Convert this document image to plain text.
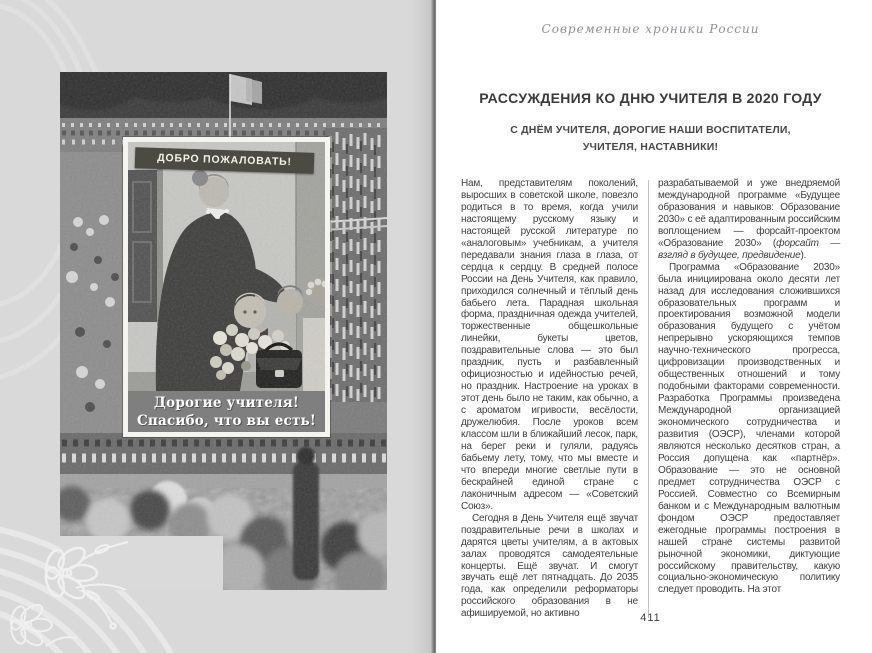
ДОБРО ПОЖАЛОВАТЬ!
Дорогие учителя!
Спасибо, что вы есть!
Современные хроники России
РАССУЖДЕНИЯ КО ДНЮ УЧИТЕЛЯ В 2020 ГОДУ
С ДНЁМ УЧИТЕЛЯ, ДОРОГИЕ НАШИ ВОСПИТАТЕЛИ,
УЧИТЕЛЯ, НАСТАВНИКИ!

Нам, представителям поколений, выросших в советской школе, повезло родиться в то время, когда учили настоящему русскому языку и настоящей русской литературе по «аналоговым» учебникам, а учителя передавали знания глаза в глаза, от сердца к сердцу. В средней полосе России на День Учителя, как правило, приходился солнечный и тёплый день бабьего лета. Парадная школьная форма, праздничная одежда учителей, торжественные общешкольные линейки, букеты цветов, поздравительные слова — это был праздник, пусть и разбавленный официозностью и идейностью речей, но праздник. Настроение на уроках в этот день было не таким, как обычно, а с ароматом игривости, весёлости, дружелюбия. После уроков всем классом шли в ближайший лесок, парк, на берег реки и гуляли, радуясь бабьему лету, тому, что мы вместе и что впереди многие светлые пути в бескрайней единой стране с лаконичным адресом — «Советский Союз».

Сегодня в День Учителя ещё звучат поздравительные речи в школах и дарятся цветы учителям, а в актовых залах проводятся самодеятельные концерты. Ещё звучат. И смогут звучать ещё лет пятнадцать. До 2035 года, как определили реформаторы российского образования в не афишируемой, но активно

разрабатываемой и уже внедряемой международной программе «Будущее образования и навыков: Образование 2030» с её адаптированным российским воплощением — форсайт-проектом «Образование 2030» (форсайт — взгляд в будущее, предвидение).

Программа «Образование 2030» была инициирована около десяти лет назад для исследования сложившихся образовательных программ и проектирования возможной модели образования будущего с учётом непрерывно ускоряющихся темпов научно-технического прогресса, цифровизации производственных и общественных отношений и тому подобными факторами современности. Разработка Программы произведена Международной организацией экономического сотрудничества и развития (ОЭСР), членами которой являются несколько десятков стран, а Россия допущена как «партнёр». Образование — это не основной предмет сотрудничества ОЭСР с Россией. Совместно со Всемирным банком и с Международным валютным фондом ОЭСР предоставляет ежегодные программы построения в нашей стране системы развитой рыночной экономики, диктующие российскому правительству, какую социально-экономическую политику следует проводить. На этот

411
